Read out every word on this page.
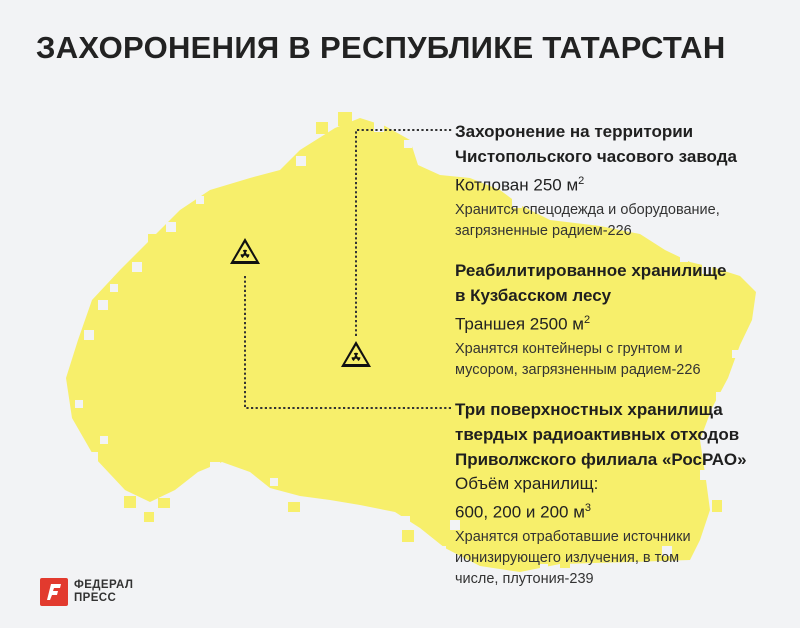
ЗАХОРОНЕНИЯ В РЕСПУБЛИКЕ ТАТАРСТАН
Захоронение на территории
Чистопольского часового завода
Котлован 250 $м^2$
Хранится спецодежда и оборудование,
загрязненные радием-226
Реабилитированное хранилище
в Кузбасском лесу
Траншея 2500 $м^2$
Хранятся контейнеры с грунтом и
мусором, загрязненным радием-226
Три поверхностных хранилища
твердых радиоактивных отходов
Приволжского филиала «РосРАО»
Объём хранилищ:
600, 200 и 200 $м^3$
Хранятся отработавшие источники
ионизирующего излучения, в том
числе, плутония-239
ФЕДЕРАЛ
ПРЕСС
